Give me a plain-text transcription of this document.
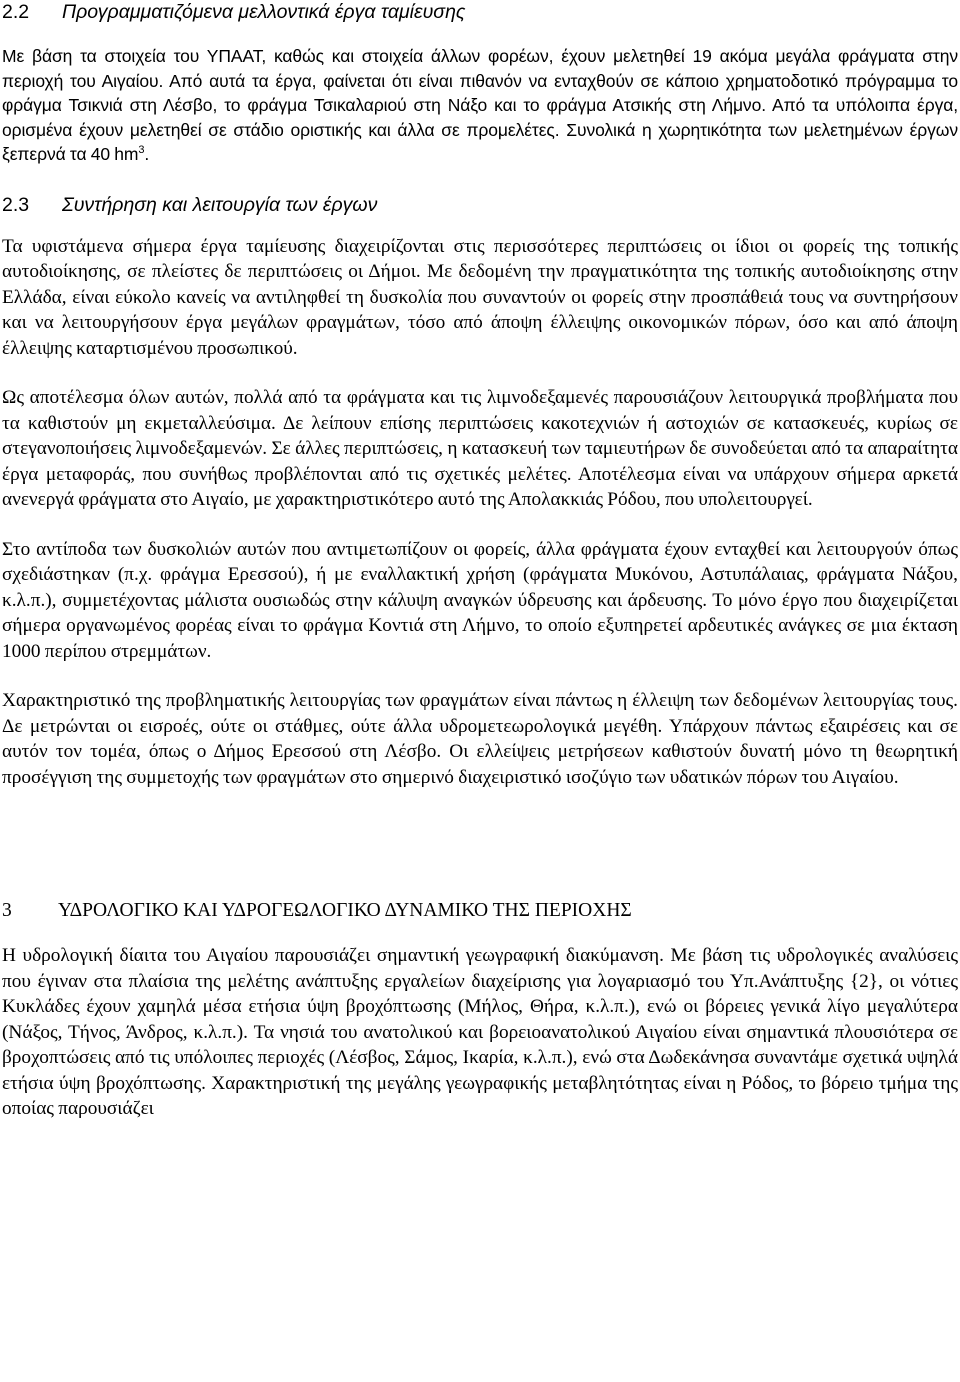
2.2 Προγραμματιζόμενα μελλοντικά έργα ταμίευσης

Με βάση τα στοιχεία του ΥΠΑΑΤ, καθώς και στοιχεία άλλων φορέων, έχουν μελετηθεί 19 ακόμα μεγάλα φράγματα στην περιοχή του Αιγαίου. Από αυτά τα έργα, φαίνεται ότι είναι πιθανόν να ενταχθούν σε κάποιο χρηματοδοτικό πρόγραμμα το φράγμα Τσικνιά στη Λέσβο, το φράγμα Τσικαλαριού στη Νάξο και το φράγμα Ατσικής στη Λήμνο. Από τα υπόλοιπα έργα, ορισμένα έχουν μελετηθεί σε στάδιο οριστικής και άλλα σε προμελέτες. Συνολικά η χωρητικότητα των μελετημένων έργων ξεπερνά τα 40 $hm^3$.

2.3 Συντήρηση και λειτουργία των έργων

Τα υφιστάμενα σήμερα έργα ταμίευσης διαχειρίζονται στις περισσότερες περιπτώσεις οι ίδιοι οι φορείς της τοπικής αυτοδιοίκησης, σε πλείστες δε περιπτώσεις οι Δήμοι. Με δεδομένη την πραγματικότητα της τοπικής αυτοδιοίκησης στην Ελλάδα, είναι εύκολο κανείς να αντιληφθεί τη δυσκολία που συναντούν οι φορείς στην προσπάθειά τους να συντηρήσουν και να λειτουργήσουν έργα μεγάλων φραγμάτων, τόσο από άποψη έλλειψης οικονομικών πόρων, όσο και από άποψη έλλειψης καταρτισμένου προσωπικού.

Ως αποτέλεσμα όλων αυτών, πολλά από τα φράγματα και τις λιμνοδεξαμενές παρουσιάζουν λειτουργικά προβλήματα που τα καθιστούν μη εκμεταλλεύσιμα. Δε λείπουν επίσης περιπτώσεις κακοτεχνιών ή αστοχιών σε κατασκευές, κυρίως σε στεγανοποιήσεις λιμνοδεξαμενών. Σε άλλες περιπτώσεις, η κατασκευή των ταμιευτήρων δε συνοδεύεται από τα απαραίτητα έργα μεταφοράς, που συνήθως προβλέπονται από τις σχετικές μελέτες. Αποτέλεσμα είναι να υπάρχουν σήμερα αρκετά ανενεργά φράγματα στο Αιγαίο, με χαρακτηριστικότερο αυτό της Απολακκιάς Ρόδου, που υπολειτουργεί.

Στο αντίποδα των δυσκολιών αυτών που αντιμετωπίζουν οι φορείς, άλλα φράγματα έχουν ενταχθεί και λειτουργούν όπως σχεδιάστηκαν (π.χ. φράγμα Ερεσσού), ή με εναλλακτική χρήση (φράγματα Μυκόνου, Αστυπάλαιας, φράγματα Νάξου, κ.λ.π.), συμμετέχοντας μάλιστα ουσιωδώς στην κάλυψη αναγκών ύδρευσης και άρδευσης. Το μόνο έργο που διαχειρίζεται σήμερα οργανωμένος φορέας είναι το φράγμα Κοντιά στη Λήμνο, το οποίο εξυπηρετεί αρδευτικές ανάγκες σε μια έκταση 1000 περίπου στρεμμάτων.

Χαρακτηριστικό της προβληματικής λειτουργίας των φραγμάτων είναι πάντως η έλλειψη των δεδομένων λειτουργίας τους. Δε μετρώνται οι εισροές, ούτε οι στάθμες, ούτε άλλα υδρομετεωρολογικά μεγέθη. Υπάρχουν πάντως εξαιρέσεις και σε αυτόν τον τομέα, όπως ο Δήμος Ερεσσού στη Λέσβο. Οι ελλείψεις μετρήσεων καθιστούν δυνατή μόνο τη θεωρητική προσέγγιση της συμμετοχής των φραγμάτων στο σημερινό διαχειριστικό ισοζύγιο των υδατικών πόρων του Αιγαίου.

3 ΥΔΡΟΛΟΓΙΚΟ ΚΑΙ ΥΔΡΟΓΕΩΛΟΓΙΚΟ ΔΥΝΑΜΙΚΟ ΤΗΣ ΠΕΡΙΟΧΗΣ

Η υδρολογική δίαιτα του Αιγαίου παρουσιάζει σημαντική γεωγραφική διακύμανση. Με βάση τις υδρολογικές αναλύσεις που έγιναν στα πλαίσια της μελέτης ανάπτυξης εργαλείων διαχείρισης για λογαριασμό του Υπ.Ανάπτυξης {2}, οι νότιες Κυκλάδες έχουν χαμηλά μέσα ετήσια ύψη βροχόπτωσης (Μήλος, Θήρα, κ.λ.π.), ενώ οι βόρειες γενικά λίγο μεγαλύτερα (Νάξος, Τήνος, Άνδρος, κ.λ.π.). Τα νησιά του ανατολικού και βορειοανατολικού Αιγαίου είναι σημαντικά πλουσιότερα σε βροχοπτώσεις από τις υπόλοιπες περιοχές (Λέσβος, Σάμος, Ικαρία, κ.λ.π.), ενώ στα Δωδεκάνησα συναντάμε σχετικά υψηλά ετήσια ύψη βροχόπτωσης. Χαρακτηριστική της μεγάλης γεωγραφικής μεταβλητότητας είναι η Ρόδος, το βόρειο τμήμα της οποίας παρουσιάζει
